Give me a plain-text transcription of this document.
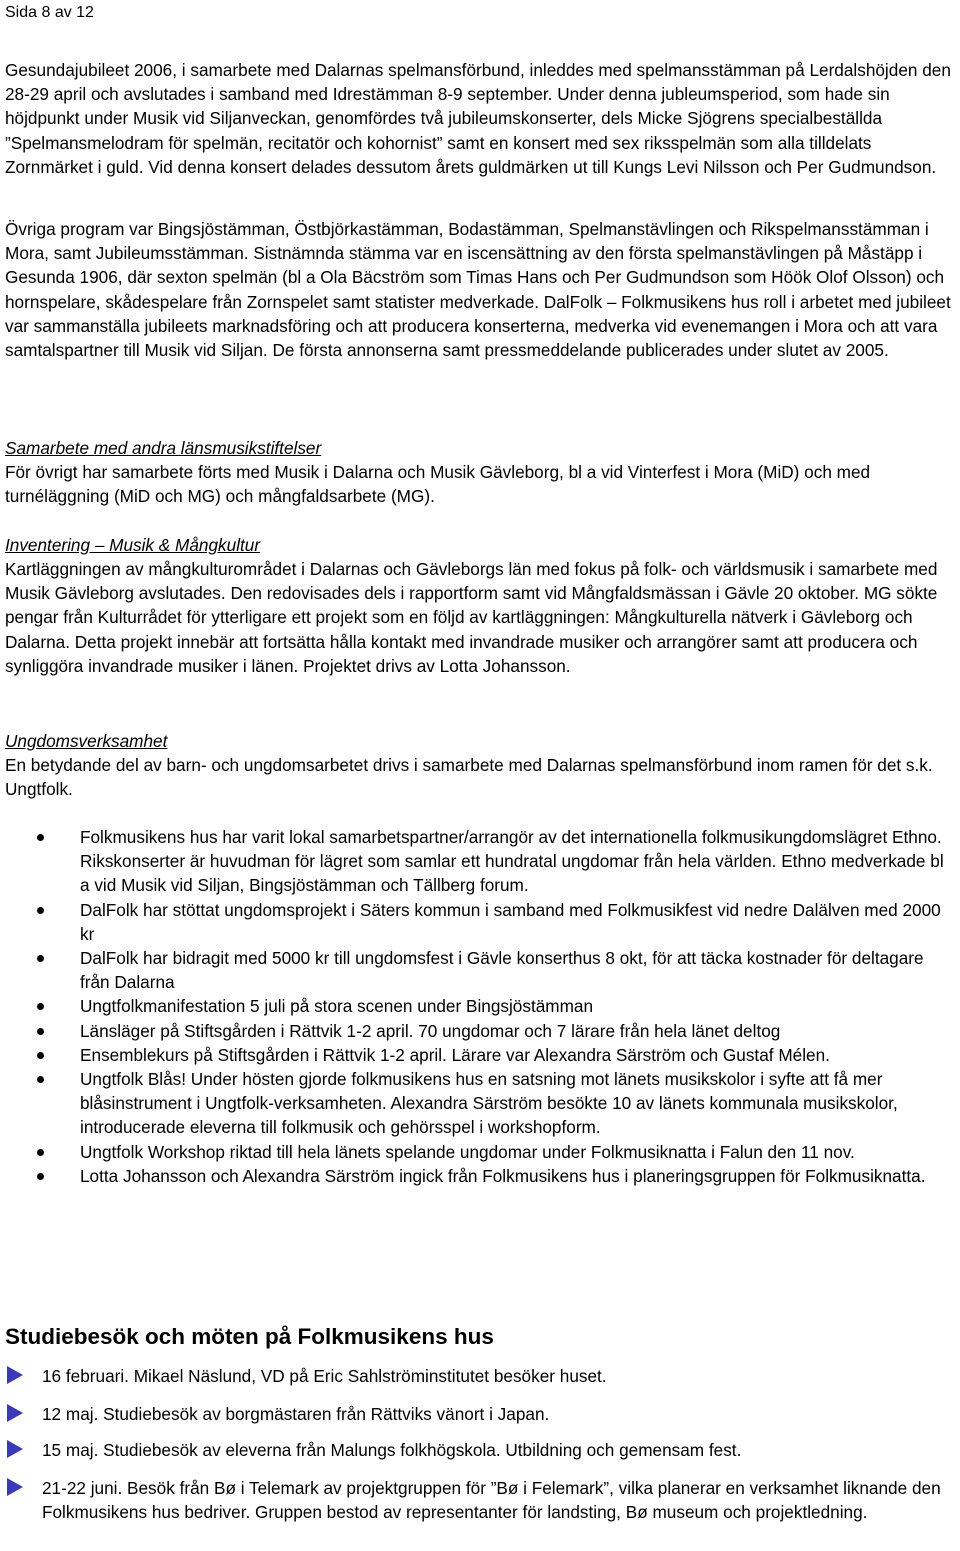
Sida 8 av 12
Gesundajubileet 2006, i samarbete med Dalarnas spelmansförbund, inleddes med spelmansstämman på Lerdalshöjden den 28-29 april och avslutades i samband med Idrestämman 8-9 september. Under denna jubleumsperiod, som hade sin höjdpunkt under Musik vid Siljanveckan, genomfördes två jubileumskonserter, dels Micke Sjögrens specialbeställda ”Spelmansmelodram för spelmän, recitatör och kohornist” samt en konsert med sex riksspelmän som alla tilldelats Zornmärket i guld. Vid denna konsert delades dessutom årets guldmärken ut till Kungs Levi Nilsson och Per Gudmundson.
Övriga program var Bingsjöstämman, Östbjörkastämman, Bodastämman, Spelmanstävlingen och Rikspelmansstämman i Mora, samt Jubileumsstämman. Sistnämnda stämma var en iscensättning av den första spelmanstävlingen på Måstäpp i Gesunda 1906, där sexton spelmän (bl a Ola Bäcström som Timas Hans och Per Gudmundson som Höök Olof Olsson) och hornspelare, skådespelare från Zornspelet samt statister medverkade. DalFolk – Folkmusikens hus roll i arbetet med jubileet var sammanställa jubileets marknadsföring och att producera konserterna, medverka vid evenemangen i Mora och att vara samtalspartner till Musik vid Siljan. De första annonserna samt pressmeddelande publicerades under slutet av 2005.
Samarbete med andra länsmusikstiftelser
För övrigt har samarbete förts med Musik i Dalarna och Musik Gävleborg, bl a vid Vinterfest i Mora (MiD) och med turnéläggning (MiD och MG) och mångfaldsarbete (MG).
Inventering – Musik & Mångkultur
Kartläggningen av mångkulturområdet i Dalarnas och Gävleborgs län med fokus på folk- och världsmusik i samarbete med Musik Gävleborg avslutades. Den redovisades dels i rapportform samt vid Mångfaldsmässan i Gävle 20 oktober. MG sökte pengar från Kulturrådet för ytterligare ett projekt som en följd av kartläggningen: Mångkulturella nätverk i Gävleborg och Dalarna. Detta projekt innebär att fortsätta hålla kontakt med invandrade musiker och arrangörer samt att producera och synliggöra invandrade musiker i länen. Projektet drivs av Lotta Johansson.
Ungdomsverksamhet
En betydande del av barn- och ungdomsarbetet drivs i samarbete med Dalarnas spelmansförbund inom ramen för det s.k. Ungtfolk.
Folkmusikens hus har varit lokal samarbetspartner/arrangör av det internationella folkmusikungdomslägret Ethno. Rikskonserter är huvudman för lägret som samlar ett hundratal ungdomar från hela världen. Ethno medverkade bl a vid Musik vid Siljan, Bingsjöstämman och Tällberg forum.
DalFolk har stöttat ungdomsprojekt i Säters kommun i samband med Folkmusikfest vid nedre Dalälven med 2000 kr
DalFolk har bidragit med 5000 kr till ungdomsfest i Gävle konserthus 8 okt, för att täcka kostnader för deltagare från Dalarna
Ungtfolkmanifestation 5 juli på stora scenen under Bingsjöstämman
Länsläger på Stiftsgården i Rättvik 1-2 april. 70 ungdomar och 7 lärare från hela länet deltog
Ensemblekurs på Stiftsgården i Rättvik 1-2 april. Lärare var Alexandra Särström och Gustaf Mélen.
Ungtfolk Blås! Under hösten gjorde folkmusikens hus en satsning mot länets musikskolor i syfte att få mer blåsinstrument i Ungtfolk-verksamheten. Alexandra Särström besökte 10 av länets kommunala musikskolor, introducerade eleverna till folkmusik och gehörsspel i workshopform.
Ungtfolk Workshop riktad till hela länets spelande ungdomar under Folkmusiknatta i Falun den 11 nov.
Lotta Johansson och Alexandra Särström ingick från Folkmusikens hus i planeringsgruppen för Folkmusiknatta.
Studiebesök och möten på Folkmusikens hus
16 februari. Mikael Näslund, VD på Eric Sahlströminstitutet besöker huset.
12 maj. Studiebesök av borgmästaren från Rättviks vänort i Japan.
15 maj. Studiebesök av eleverna från Malungs folkhögskola. Utbildning och gemensam fest.
21-22 juni. Besök från Bø i Telemark av projektgruppen för ”Bø i Felemark”, vilka planerar en verksamhet liknande den Folkmusikens hus bedriver. Gruppen bestod av representanter för landsting, Bø museum och projektledning.
